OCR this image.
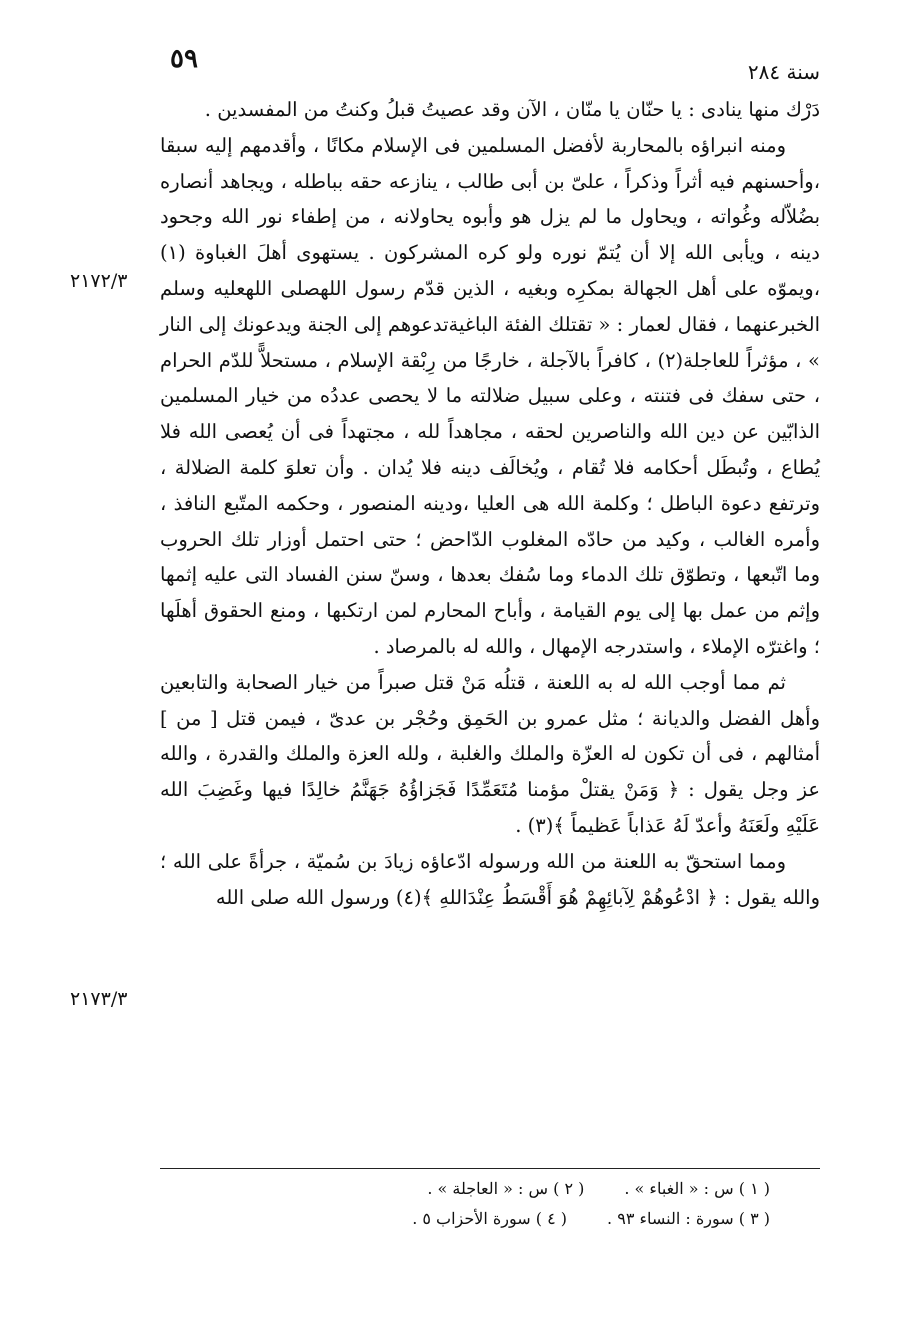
٥٩	سنة ٢٨٤

دَرْك منها ينادى : يا حنّان يا منّان ، الآن وقد عصيتُ قبلُ وكنتُ من المفسدين .

ومنه انبراؤه بالمحاربة لأفضل المسلمين فى الإسلام مكانًا ، وأقدمهم إليه سبقا ،وأحسنهم فيه أثراً وذكراً ، علىّ بن أبى طالب ، ينازعه حقه بباطله ، ويجاهد أنصاره بضُلاّله وغُواته ، ويحاول ما لم يزل هو وأبوه يحاولانه ، من إطفاء نور الله وجحود دينه ، ويأبى الله إلا أن يُتمّ نوره ولو كره المشركون . يستهوى أهلَ الغباوة (١) ،ويموّه على أهل الجهالة بمكرِه وبغيه ، الذين قدّم رسول اللهصلى اللهعليه وسلم الخبرعنهما ، فقال لعمار : « تقتلك الفئة الباغيةتدعوهم إلى الجنة ويدعونك إلى النار » ، مؤثراً للعاجلة(٢) ، كافراً بالآجلة ، خارجًا من رِبْقة الإسلام ، مستحلاًّ للدّم الحرام ، حتى سفك فى فتنته ، وعلى سبيل ضلالته ما لا يحصى عددُه من خيار المسلمين الذابّين عن دين الله والناصرين لحقه ، مجاهداً لله ، مجتهداً فى أن يُعصى الله فلا يُطاع ، وتُبطَل أحكامه فلا تُقام ، ويُخالَف دينه فلا يُدان . وأن تعلوَ كلمة الضلالة ، وترتفع دعوة الباطل ؛ وكلمة الله هى العليا ،ودينه المنصور ، وحكمه المتّبع النافذ ، وأمره الغالب ، وكيد من حادّه المغلوب الدّاحض ؛ حتى احتمل أوزار تلك الحروب وما اتّبعها ، وتطوّق تلك الدماء وما سُفك بعدها ، وسنّ سنن الفساد التى عليه إثمها وإثم من عمل بها إلى يوم القيامة ، وأباح المحارم لمن ارتكبها ، ومنع الحقوق أهلَها ؛ واغترّه الإملاء ، واستدرجه الإمهال ، والله له بالمرصاد .

ثم مما أوجب الله له به اللعنة ، قتلُه مَنْ قتل صبراً من خيار الصحابة والتابعين وأهل الفضل والديانة ؛ مثل عمرو بن الحَمِق وحُجْر بن عدىّ ، فيمن قتل [ من ] أمثالهم ، فى أن تكون له العزّة والملك والغلبة ، ولله العزة والملك والقدرة ، والله عز وجل يقول : ﴿ وَمَنْ يقتلْ مؤمنا مُتَعَمِّدًا فَجَزاؤُهُ جَهَنَّمُ خالِدًا فيها وغَضِبَ الله عَلَيْهِ ولَعَنَهُ وأعدّ لَهُ عَذاباً عَظيماً ﴾(٣) .

ومما استحقّ به اللعنة من الله ورسوله ادّعاؤه زيادَ بن سُميّة ، جرأةً على الله ؛ والله يقول : ﴿ ادْعُوهُمْ لِآبائِهِمْ هُوَ أَقْسَطُ عِنْدَاللهِ ﴾(٤) ورسول الله صلى الله

٢١٧٢/٣
٢١٧٣/٣
( ١ ) س : « الغباء » .( ٢ ) س : « العاجلة » .
( ٣ ) سورة : النساء ٩٣ .( ٤ ) سورة الأحزاب ٥ .
